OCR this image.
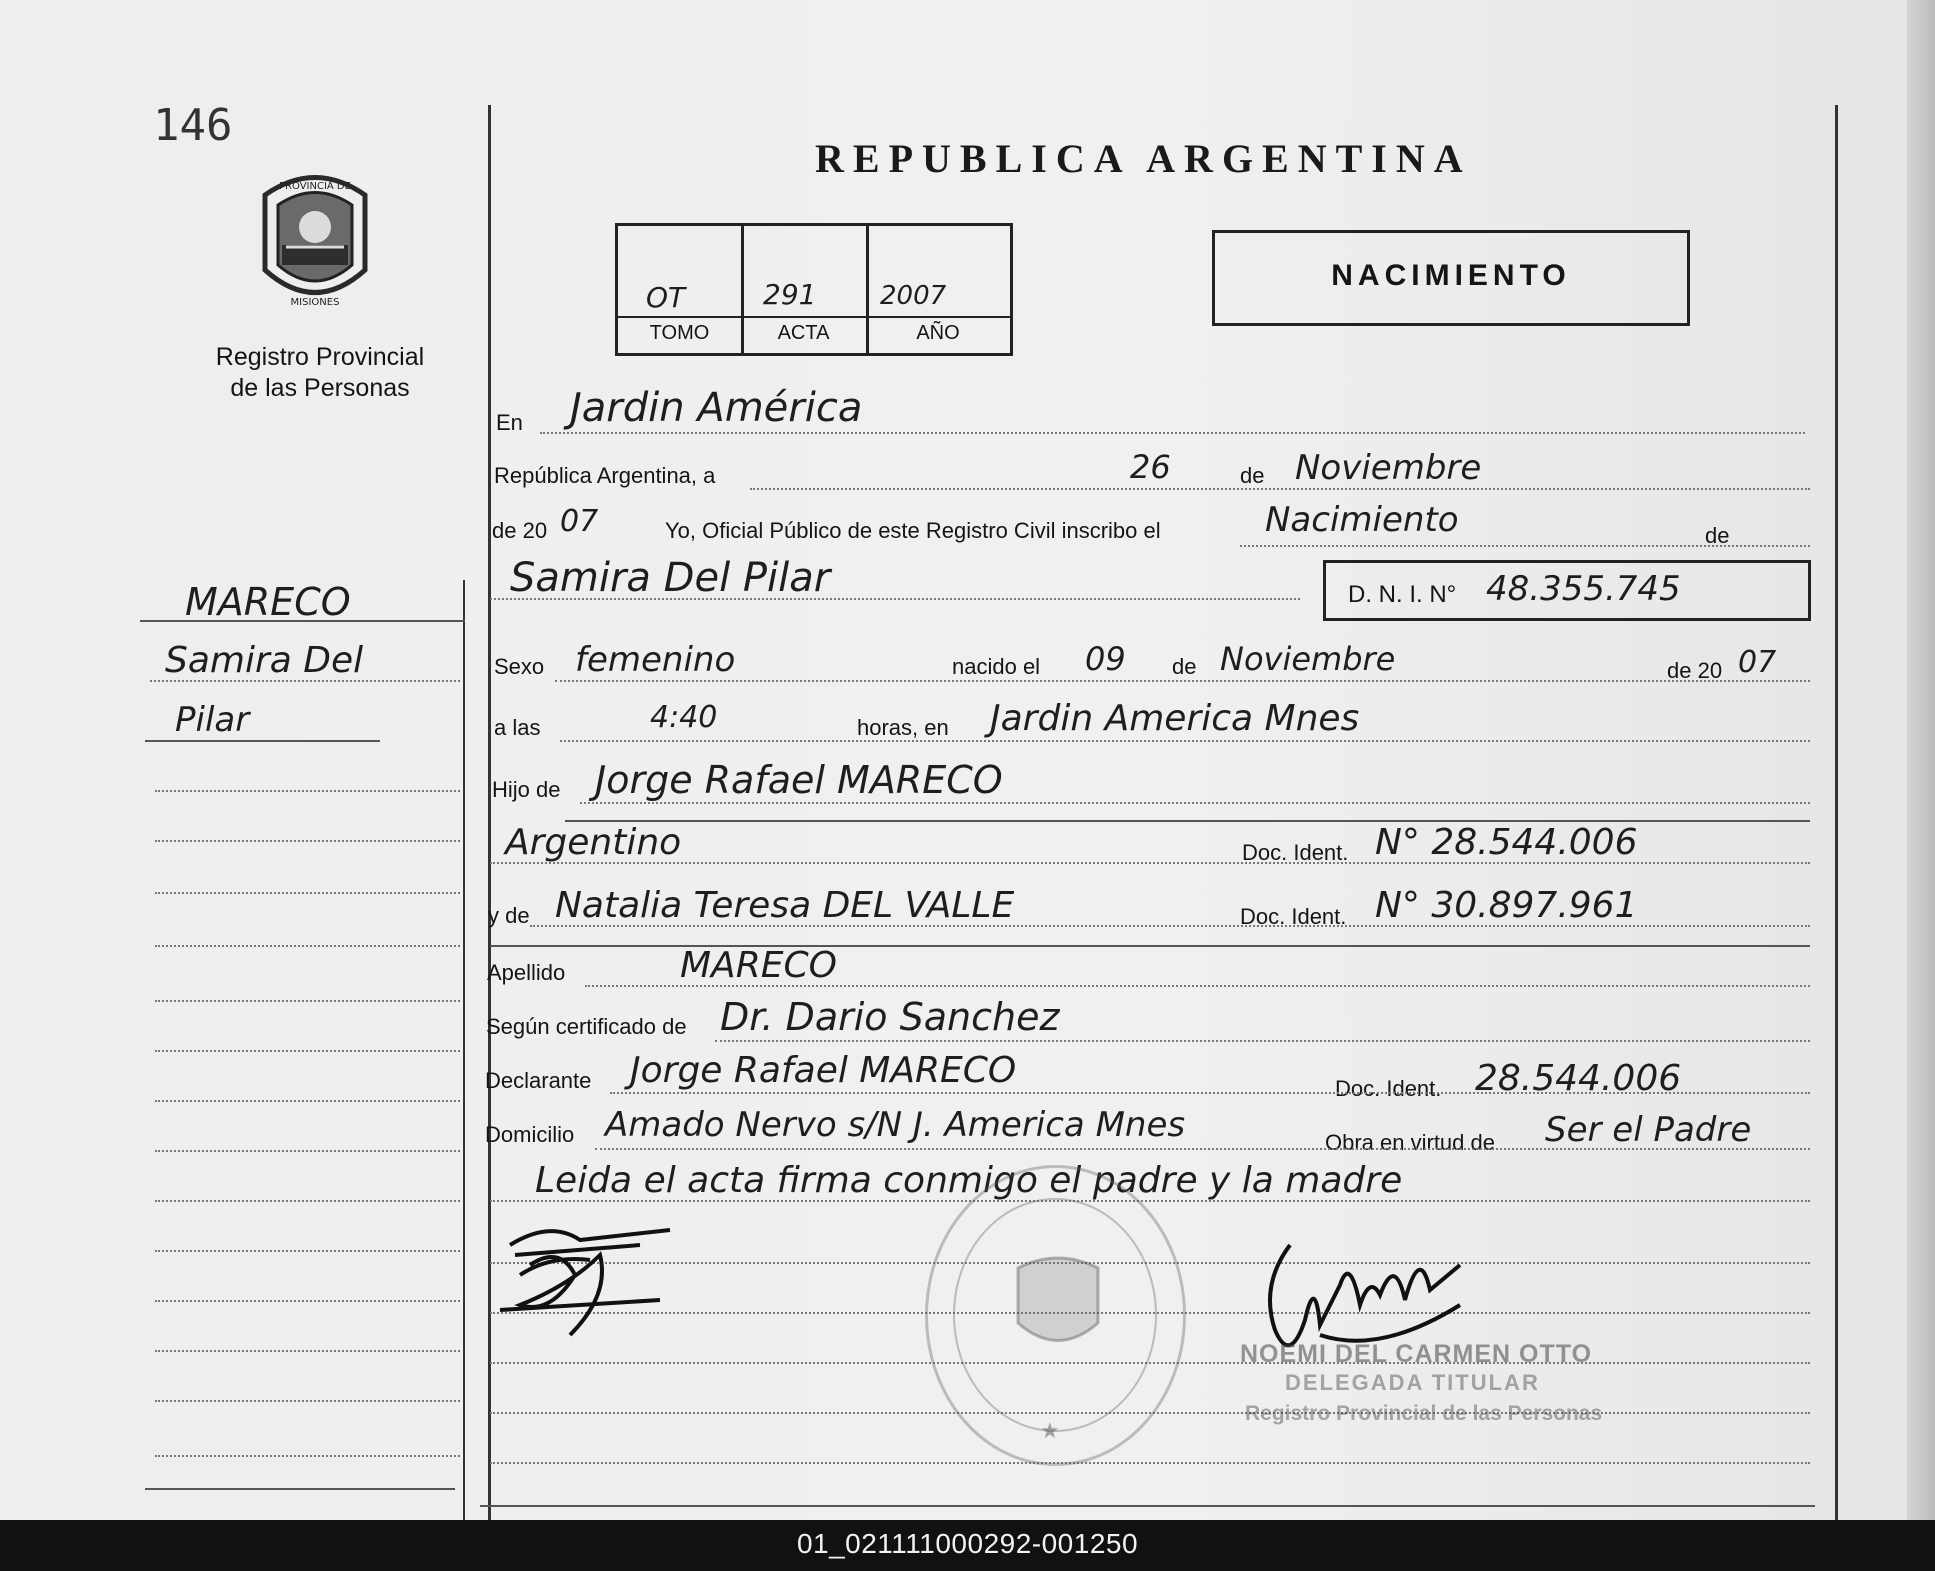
146
PROVINCIA DE
MISIONES
Registro Provincial
de las Personas
REPUBLICA ARGENTINA
OT	291 2007
TOMO	ACTA	AÑO
NACIMIENTO
MARECO
Samira Del
Pilar
En Jardin América
República Argentina, a	26	de Noviembre
de 20 07	Yo, Oficial Público de este Registro Civil inscribo el	Nacimiento	de
Samira Del Pilar	D. N. I. N° 48.355.745
Sexo femenino	nacido el 09 de Noviembre	de 20 07
a las	4:40	horas, en Jardin America Mnes
Hijo de Jorge Rafael MARECO
Argentino	Doc. Ident. N° 28.544.006
y de Natalia Teresa DEL VALLE	Doc. Ident. N° 30.897.961
Apellido	MARECO
Según certificado de Dr. Dario Sanchez
Declarante Jorge Rafael MARECO	Doc. Ident. 28.544.006
Domicilio Amado Nervo s/N J. America Mnes	Obra en virtud de Ser el Padre
Leida el acta firma conmigo el padre y la madre
★
NOEMI DEL CARMEN OTTO
DELEGADA TITULAR
Registro Provincial de las Personas
01_021111000292-001250
